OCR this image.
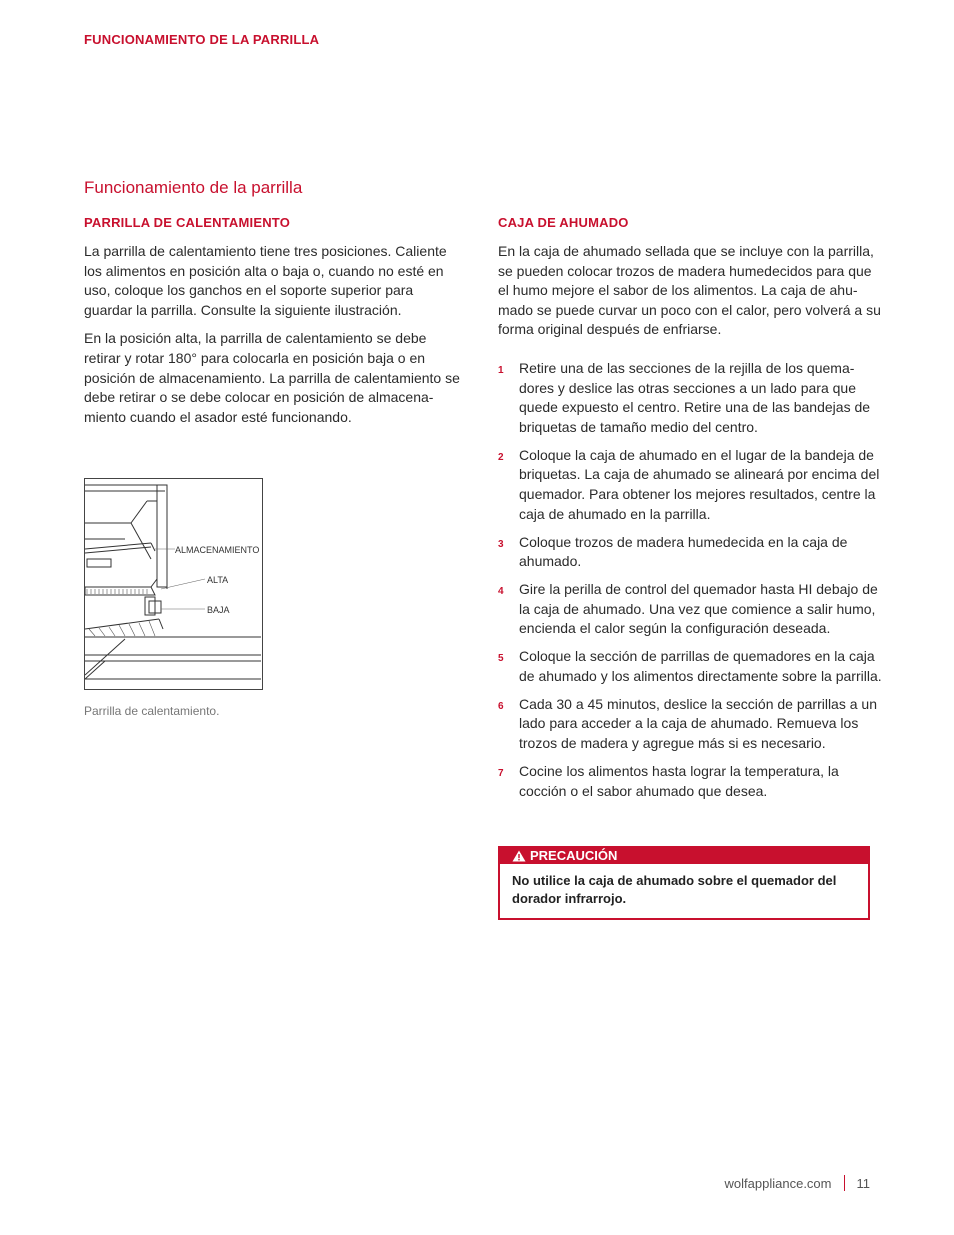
FUNCIONAMIENTO DE LA PARRILLA
Funcionamiento de la parrilla
PARRILLA DE CALENTAMIENTO

La parrilla de calentamiento tiene tres posiciones. Caliente los alimentos en posición alta o baja o, cuando no esté en uso, coloque los ganchos en el soporte superior para guardar la parrilla. Consulte la siguiente ilustración.

En la posición alta, la parrilla de calentamiento se debe retirar y rotar 180° para colocarla en posición baja o en posición de almacenamiento. La parrilla de calentamiento se debe retirar o se debe colocar en posición de almacena-miento cuando el asador esté funcionando.

ALMACENAMIENTO
ALTA
BAJA
Parrilla de calentamiento.
CAJA DE AHUMADO

En la caja de ahumado sellada que se incluye con la parrilla, se pueden colocar trozos de madera humedecidos para que el humo mejore el sabor de los alimentos. La caja de ahu-mado se puede curvar un poco con el calor, pero volverá a su forma original después de enfriarse.

1 Retire una de las secciones de la rejilla de los quema-dores y deslice las otras secciones a un lado para que quede expuesto el centro. Retire una de las bandejas de briquetas de tamaño medio del centro.
2 Coloque la caja de ahumado en el lugar de la bandeja de briquetas. La caja de ahumado se alineará por encima del quemador. Para obtener los mejores resultados, centre la caja de ahumado en la parrilla.
3 Coloque trozos de madera humedecida en la caja de ahumado.
4 Gire la perilla de control del quemador hasta HI debajo de la caja de ahumado. Una vez que comience a salir humo, encienda el calor según la configuración deseada.
5 Coloque la sección de parrillas de quemadores en la caja de ahumado y los alimentos directamente sobre la parrilla.
6 Cada 30 a 45 minutos, deslice la sección de parrillas a un lado para acceder a la caja de ahumado. Remueva los trozos de madera y agregue más si es necesario.
7 Cocine los alimentos hasta lograr la temperatura, la cocción o el sabor ahumado que desea.
PRECAUCIÓN
No utilice la caja de ahumado sobre el quemador del dorador infrarrojo.
wolfappliance.com 11
